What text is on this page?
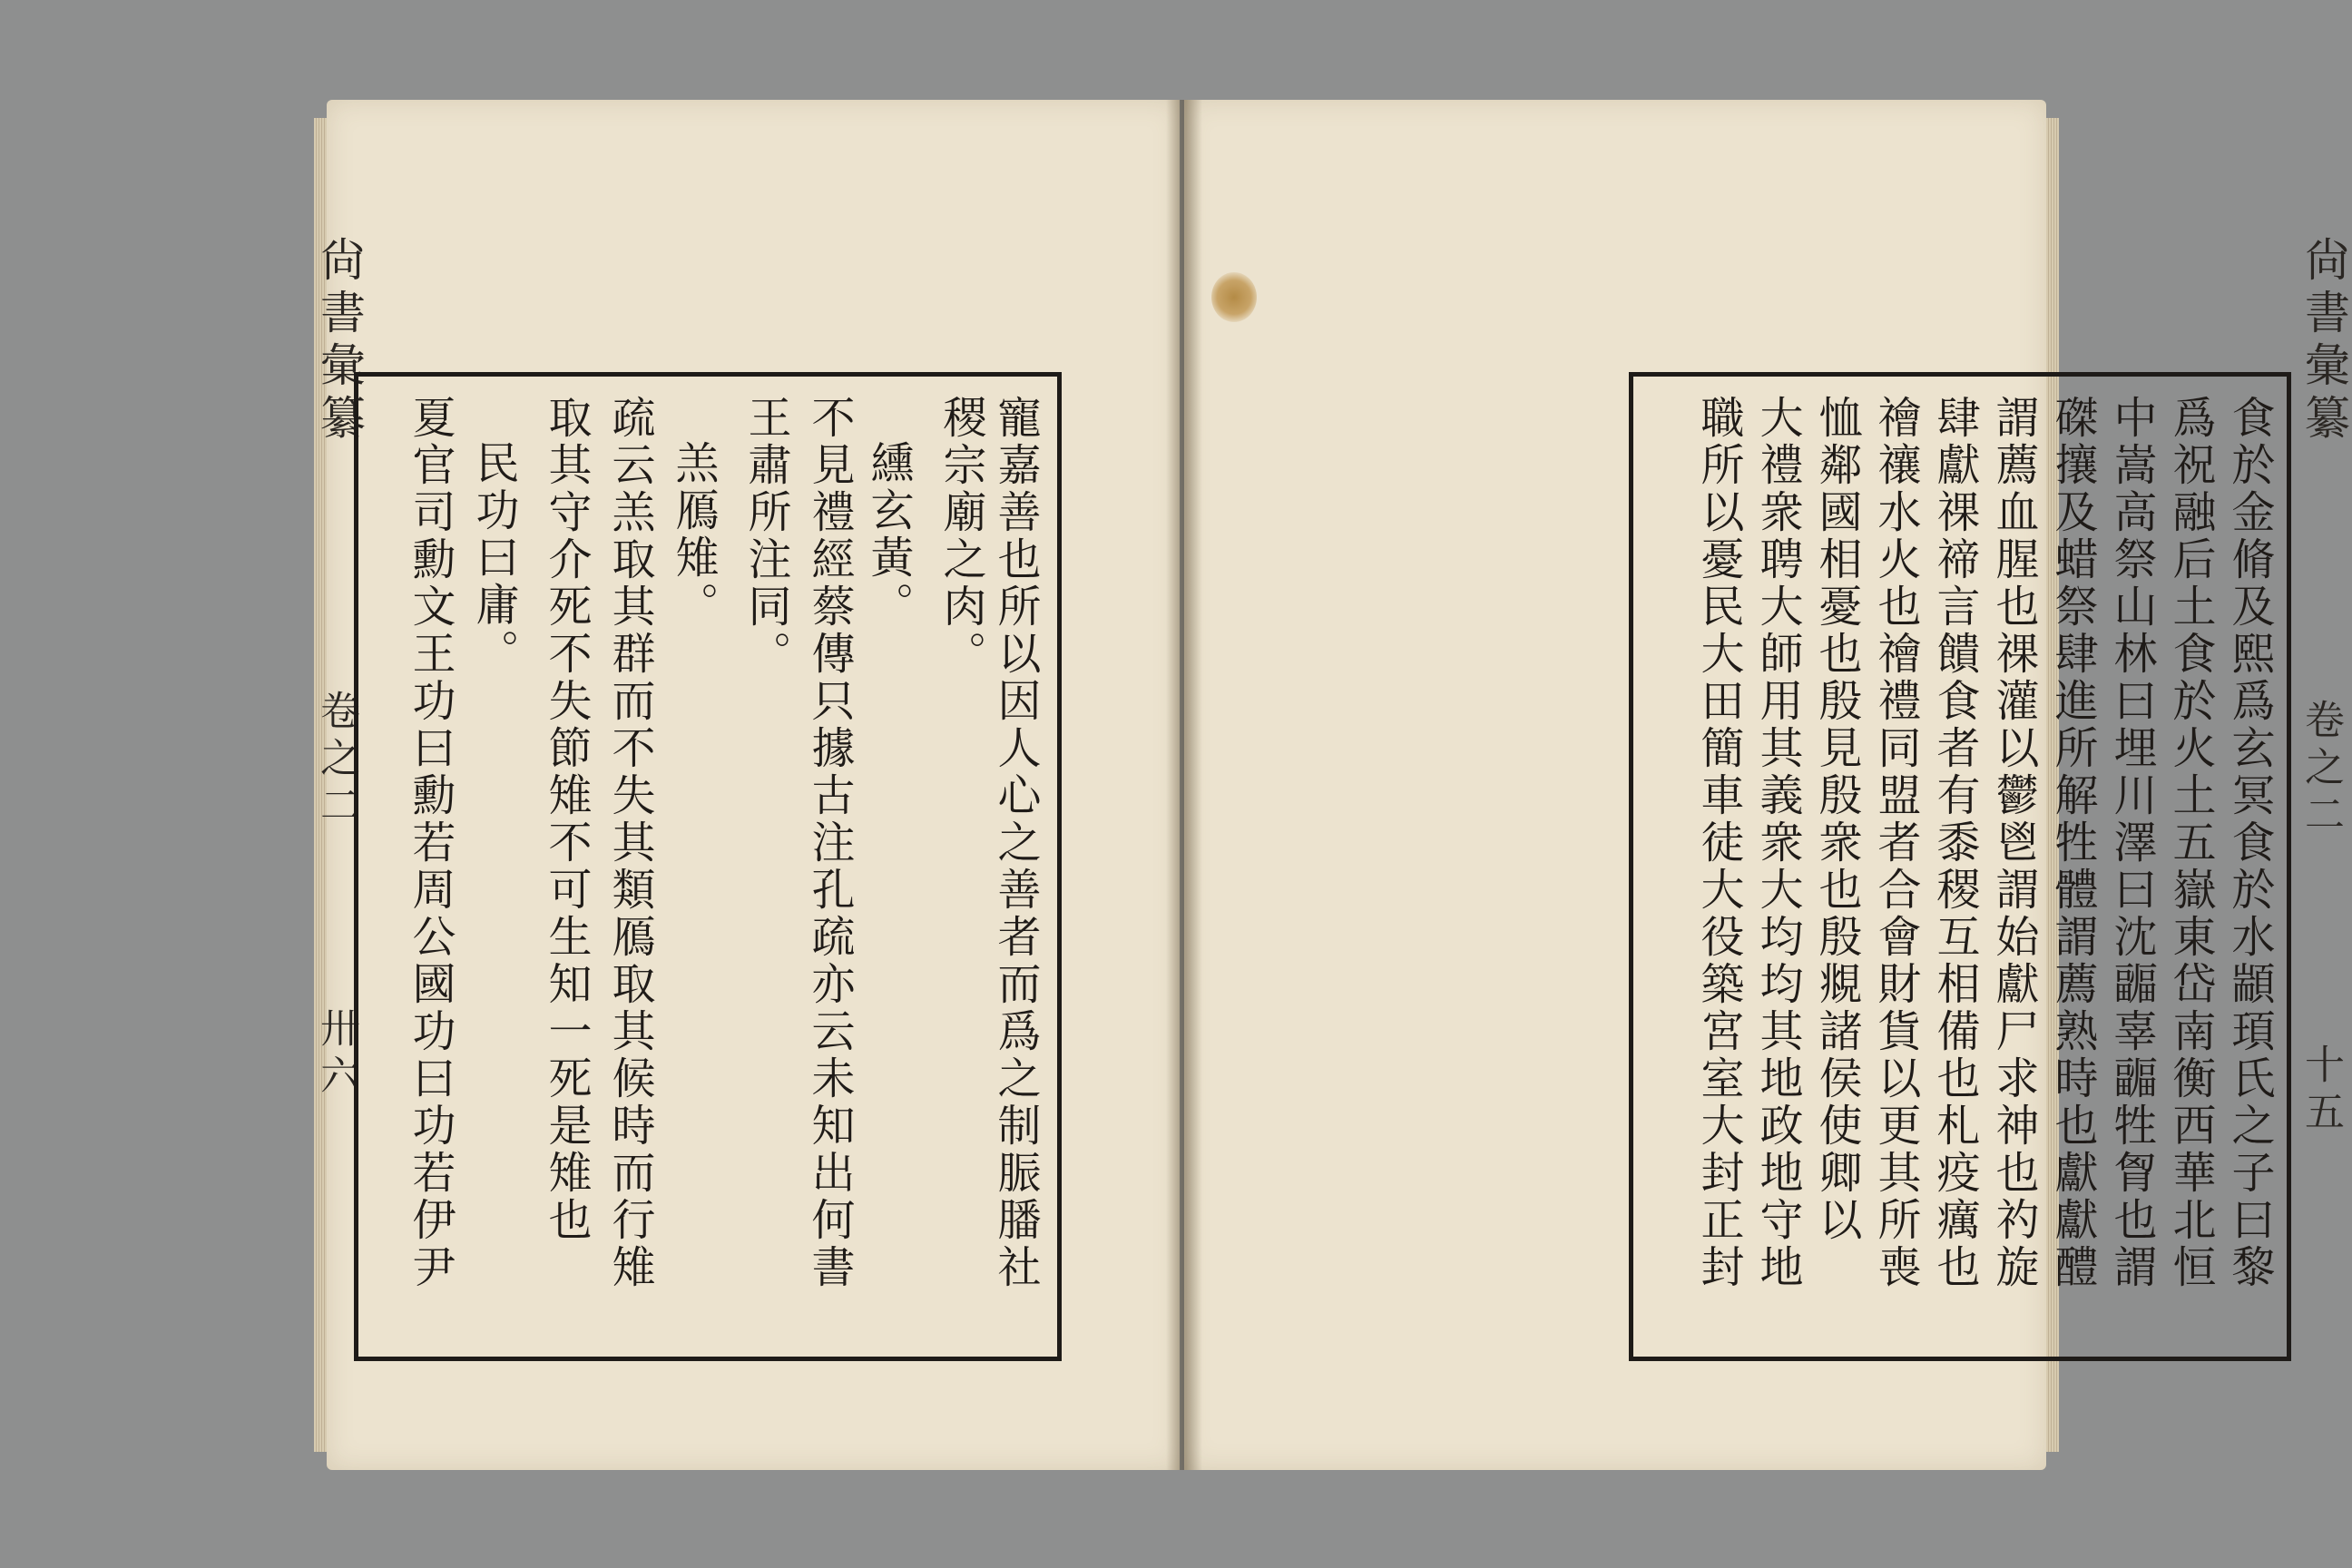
尙書彙纂
卷之二
卅六	寵嘉善也所以因人心之善者而爲之制脤膰社
稷宗廟之肉。
纁玄黃。
不見禮經蔡傳只據古注孔疏亦云未知出何書
王肅所注同。
羔鴈雉。
疏云羔取其群而不失其類鴈取其候時而行雉
取其守介死不失節雉不可生知一死是雉也
民功曰庸。
夏官司勳文王功曰勳若周公國功曰功若伊尹
尙書彙纂
卷之二
十五
食於金脩及熙爲玄冥食於水顓頊氏之子曰黎
爲祝融后土食於火土五嶽東岱南衡西華北恒
中嵩高祭山林曰埋川澤曰沈疈辜疈牲胷也謂
磔攘及蜡祭肆進所解牲體謂薦熟時也獻獻醴
謂薦血腥也祼灌以鬱鬯謂始獻尸求神也礿旋
肆獻祼禘言饋食者有黍稷互相備也札疫癘也
禬禳水火也禬禮同盟者合會財貨以更其所喪
恤鄰國相憂也殷見殷衆也殷覜諸侯使卿以
大禮衆聘大師用其義衆大均均其地政地守地
職所以憂民大田簡車徒大役築宮室大封正封
